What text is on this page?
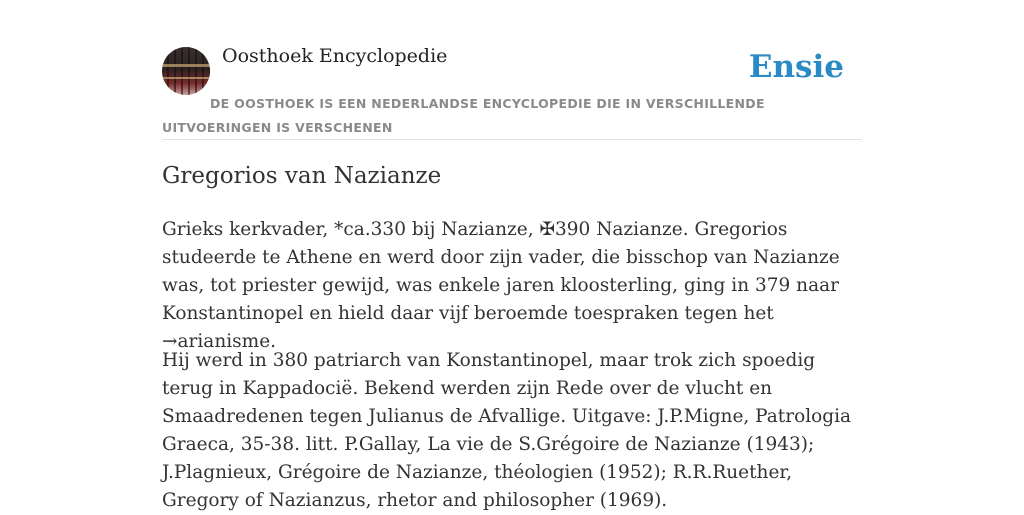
Oosthoek Encyclopedie	Ensie
DE OOSTHOEK IS EEN NEDERLANDSE ENCYCLOPEDIE DIE IN VERSCHILLENDE UITVOERINGEN IS VERSCHENEN
Gregorios van Nazianze

Grieks kerkvader, *ca.330 bij Nazianze, ✠390 Nazianze. Gregorios studeerde te Athene en werd door zijn vader, die bisschop van Nazianze was, tot priester gewijd, was enkele jaren kloosterling, ging in 379 naar Konstantinopel en hield daar vijf beroemde toespraken tegen het →arianisme.

Hij werd in 380 patriarch van Konstantinopel, maar trok zich spoedig terug in Kappadocië. Bekend werden zijn Rede over de vlucht en Smaadredenen tegen Julianus de Afvallige. Uitgave: J.P.Migne, Patrologia Graeca, 35-38. litt. P.Gallay, La vie de S.Grégoire de Nazianze (1943); J.Plagnieux, Grégoire de Nazianze, théologien (1952); R.R.Ruether, Gregory of Nazianzus, rhetor and philosopher (1969).
